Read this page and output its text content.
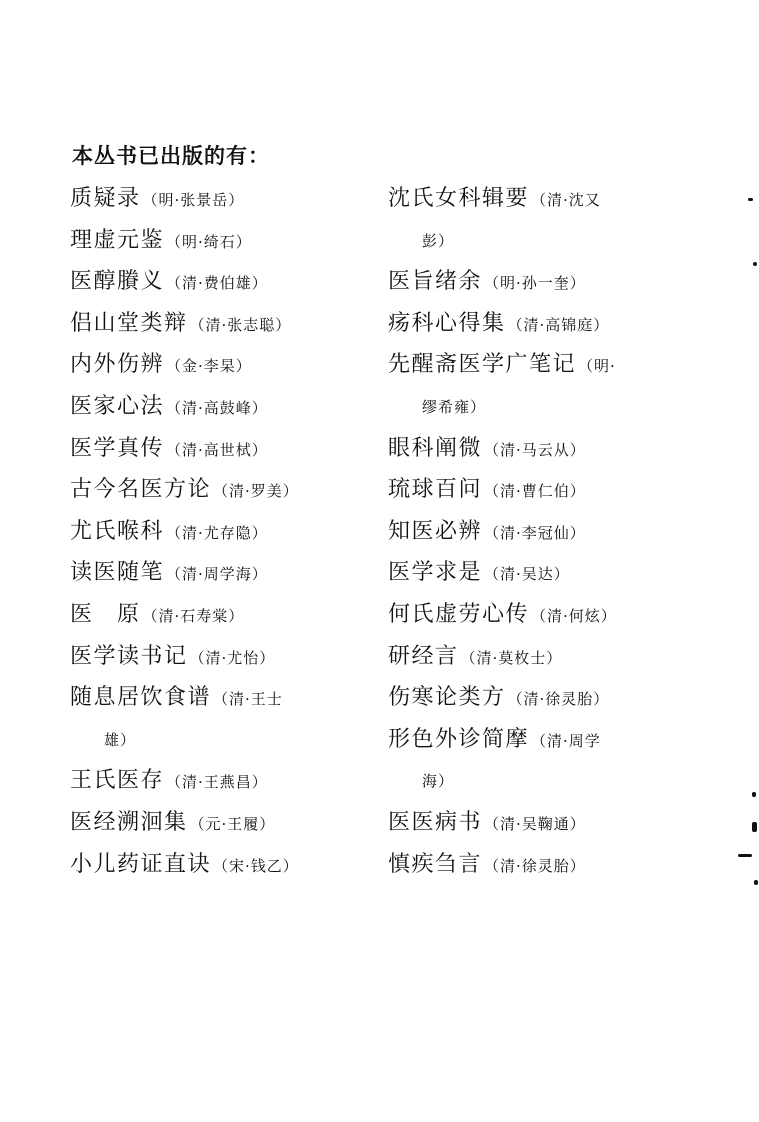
本丛书已出版的有：
质疑录 （明·张景岳）
理虚元鉴 （明·绮石）
医醇賸义 （清·费伯雄）
侣山堂类辩 （清·张志聪）
内外伤辨 （金·李杲）
医家心法 （清·高鼓峰）
医学真传 （清·高世栻）
古今名医方论 （清·罗美）
尤氏喉科 （清·尤存隐）
读医随笔 （清·周学海）
医　原 （清·石寿棠）
医学读书记 （清·尤怡）
随息居饮食谱 （清·王士
雄）
王氏医存 （清·王燕昌）
医经溯洄集 （元·王履）
小儿药证直诀 （宋·钱乙）
沈氏女科辑要 （清·沈又
彭）
医旨绪余 （明·孙一奎）
疡科心得集 （清·高锦庭）
先醒斋医学广笔记 （明·
缪希雍）
眼科阐微 （清·马云从）
琉球百问 （清·曹仁伯）
知医必辨 （清·李冠仙）
医学求是 （清·吴达）
何氏虚劳心传 （清·何炫）
研经言 （清·莫枚士）
伤寒论类方 （清·徐灵胎）
形色外诊简摩 （清·周学
海）
医医病书 （清·吴鞠通）
慎疾刍言 （清·徐灵胎）
